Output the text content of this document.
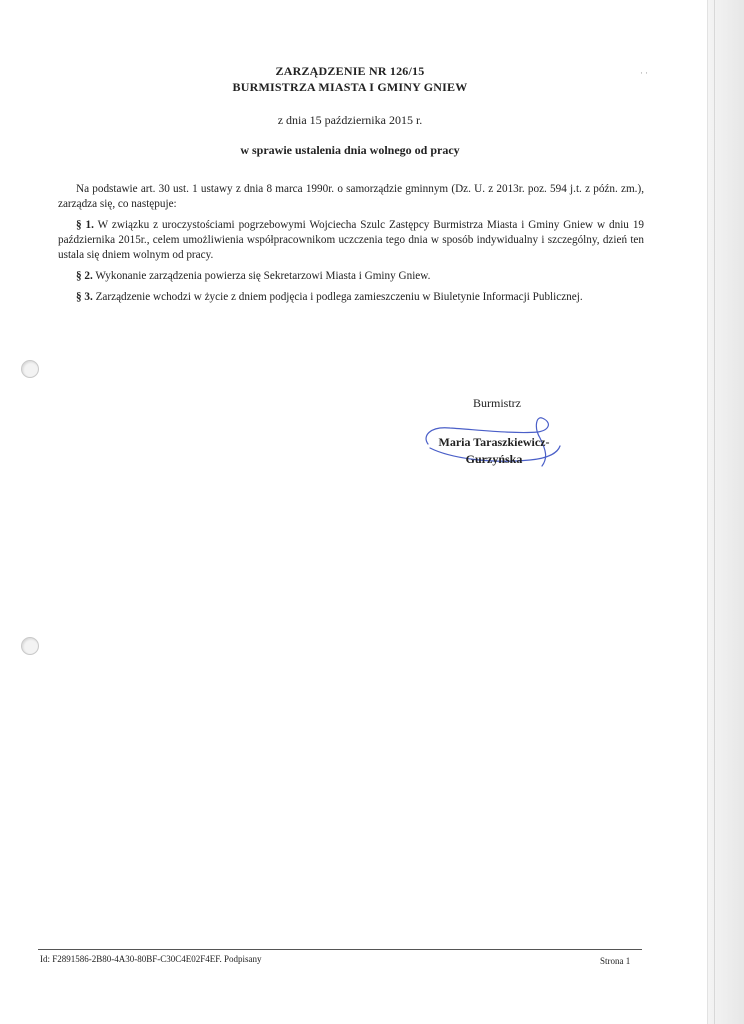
··
ZARZĄDZENIE NR 126/15
BURMISTRZA MIASTA I GMINY GNIEW
z dnia 15 października 2015 r.
w sprawie ustalenia dnia wolnego od pracy

Na podstawie art. 30 ust. 1 ustawy z dnia 8 marca 1990r. o samorządzie gminnym (Dz. U. z 2013r. poz. 594 j.t. z późn. zm.), zarządza się, co następuje:

§ 1. W związku z uroczystościami pogrzebowymi Wojciecha Szulc Zastępcy Burmistrza Miasta i Gminy Gniew w dniu 19 października 2015r., celem umożliwienia współpracownikom uczczenia tego dnia w sposób indywidualny i szczególny, dzień ten ustala się dniem wolnym od pracy.

§ 2. Wykonanie zarządzenia powierza się Sekretarzowi Miasta i Gminy Gniew.

§ 3. Zarządzenie wchodzi w życie z dniem podjęcia i podlega zamieszczeniu w Biuletynie Informacji Publicznej.

Burmistrz
Maria Taraszkiewicz-
Gurzyńska
Id: F2891586-2B80-4A30-80BF-C30C4E02F4EF. Podpisany	Strona 1
